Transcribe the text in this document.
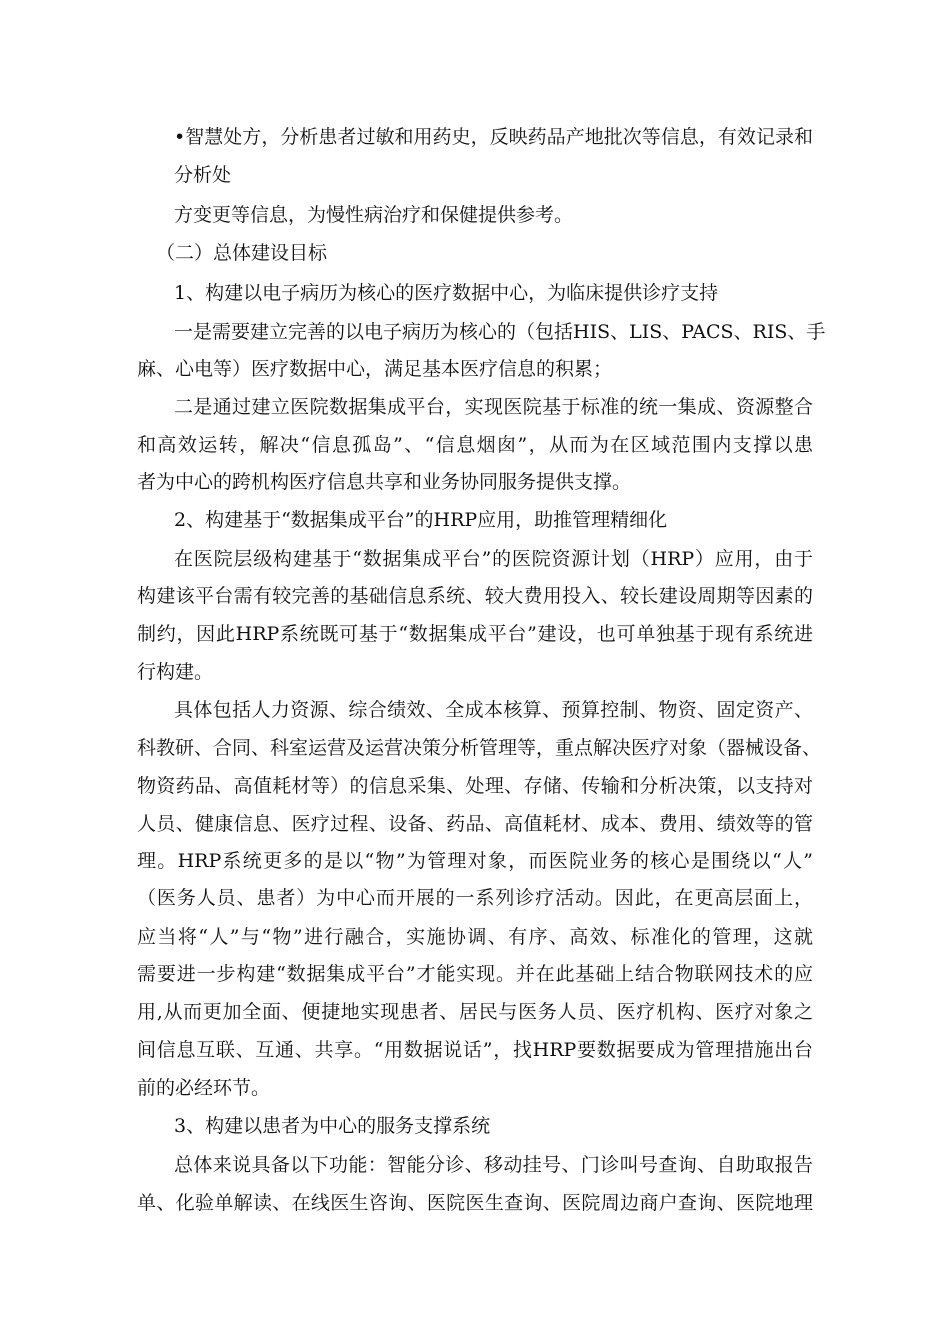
•智慧处方，分析患者过敏和用药史，反映药品产地批次等信息，有效记录和
分析处
方变更等信息，为慢性病治疗和保健提供参考。
（二）总体建设目标
1、构建以电子病历为核心的医疗数据中心，为临床提供诊疗支持
一是需要建立完善的以电子病历为核心的（包括HIS、LIS、PACS、RIS、手
麻、心电等）医疗数据中心，满足基本医疗信息的积累；
二是通过建立医院数据集成平台，实现医院基于标准的统一集成、资源整合
和高效运转，解决“信息孤岛”、“信息烟囱”，从而为在区域范围内支撑以患
者为中心的跨机构医疗信息共享和业务协同服务提供支撑。
2、构建基于“数据集成平台”的HRP应用，助推管理精细化
在医院层级构建基于“数据集成平台”的医院资源计划（HRP）应用，由于
构建该平台需有较完善的基础信息系统、较大费用投入、较长建设周期等因素的
制约，因此HRP系统既可基于“数据集成平台”建设，也可单独基于现有系统进
行构建。
具体包括人力资源、综合绩效、全成本核算、预算控制、物资、固定资产、
科教研、合同、科室运营及运营决策分析管理等，重点解决医疗对象（器械设备、
物资药品、高值耗材等）的信息采集、处理、存储、传输和分析决策，以支持对
人员、健康信息、医疗过程、设备、药品、高值耗材、成本、费用、绩效等的管
理。HRP系统更多的是以“物”为管理对象，而医院业务的核心是围绕以“人”
（医务人员、患者）为中心而开展的一系列诊疗活动。因此，在更高层面上，
应当将“人”与“物”进行融合，实施协调、有序、高效、标准化的管理，这就
需要进一步构建“数据集成平台”才能实现。并在此基础上结合物联网技术的应
用,从而更加全面、便捷地实现患者、居民与医务人员、医疗机构、医疗对象之
间信息互联、互通、共享。“用数据说话”，找HRP要数据要成为管理措施出台
前的必经环节。
3、构建以患者为中心的服务支撑系统
总体来说具备以下功能：智能分诊、移动挂号、门诊叫号查询、自助取报告
单、化验单解读、在线医生咨询、医院医生查询、医院周边商户查询、医院地理
